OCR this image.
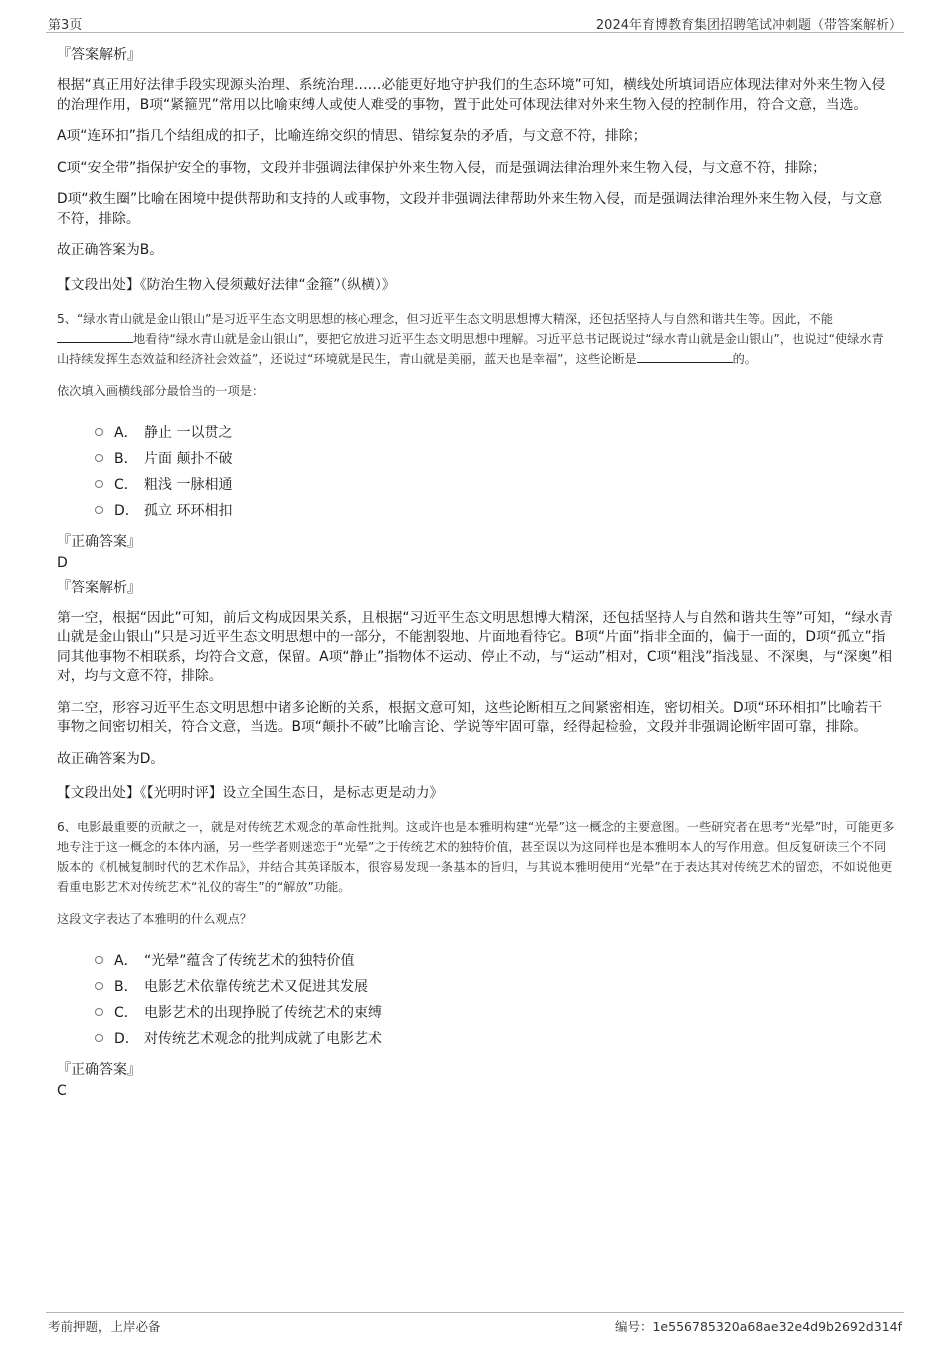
第3页	2024年育博教育集团招聘笔试冲刺题（带答案解析）

『答案解析』

根据“真正用好法律手段实现源头治理、系统治理……必能更好地守护我们的生态环境”可知，横线处所填词语应体现法律对外来生物入侵的治理作用，B项“紧箍咒”常用以比喻束缚人或使人难受的事物，置于此处可体现法律对外来生物入侵的控制作用，符合文意，当选。

A项“连环扣”指几个结组成的扣子，比喻连绵交织的情思、错综复杂的矛盾，与文意不符，排除；

C项“安全带”指保护安全的事物，文段并非强调法律保护外来生物入侵，而是强调法律治理外来生物入侵，与文意不符，排除；

D项“救生圈”比喻在困境中提供帮助和支持的人或事物，文段并非强调法律帮助外来生物入侵，而是强调法律治理外来生物入侵，与文意不符，排除。

故正确答案为B。

【文段出处】《防治生物入侵须戴好法律“金箍”（纵横）》

5、“绿水青山就是金山银山”是习近平生态文明思想的核心理念，但习近平生态文明思想博大精深，还包括坚持人与自然和谐共生等。因此，不能地看待“绿水青山就是金山银山”，要把它放进习近平生态文明思想中理解。习近平总书记既说过“绿水青山就是金山银山”，也说过“使绿水青山持续发挥生态效益和经济社会效益”，还说过“环境就是民生，青山就是美丽，蓝天也是幸福”，这些论断是	的。

依次填入画横线部分最恰当的一项是：

A． 静止 一以贯之
B． 片面 颠扑不破
C． 粗浅 一脉相通
D． 孤立 环环相扣

『正确答案』

D

『答案解析』

第一空，根据“因此”可知，前后文构成因果关系，且根据“习近平生态文明思想博大精深，还包括坚持人与自然和谐共生等”可知，“绿水青山就是金山银山”只是习近平生态文明思想中的一部分，不能割裂地、片面地看待它。B项“片面”指非全面的，偏于一面的，D项“孤立”指同其他事物不相联系，均符合文意，保留。A项“静止”指物体不运动、停止不动，与“运动”相对，C项“粗浅”指浅显、不深奥，与“深奥”相对，均与文意不符，排除。

第二空，形容习近平生态文明思想中诸多论断的关系，根据文意可知，这些论断相互之间紧密相连，密切相关。D项“环环相扣”比喻若干事物之间密切相关，符合文意，当选。B项“颠扑不破”比喻言论、学说等牢固可靠，经得起检验，文段并非强调论断牢固可靠，排除。

故正确答案为D。

【文段出处】《【光明时评】设立全国生态日，是标志更是动力》

6、电影最重要的贡献之一，就是对传统艺术观念的革命性批判。这或许也是本雅明构建“光晕”这一概念的主要意图。一些研究者在思考“光晕”时，可能更多地专注于这一概念的本体内涵，另一些学者则迷恋于“光晕”之于传统艺术的独特价值，甚至误以为这同样也是本雅明本人的写作用意。但反复研读三个不同版本的《机械复制时代的艺术作品》，并结合其英译版本，很容易发现一条基本的旨归，与其说本雅明使用“光晕”在于表达其对传统艺术的留恋，不如说他更看重电影艺术对传统艺术“礼仪的寄生”的“解放”功能。

这段文字表达了本雅明的什么观点？

A． “光晕”蕴含了传统艺术的独特价值
B． 电影艺术依靠传统艺术又促进其发展
C． 电影艺术的出现挣脱了传统艺术的束缚
D． 对传统艺术观念的批判成就了电影艺术

『正确答案』

C

考前押题，上岸必备	编号：1e556785320a68ae32e4d9b2692d314f
